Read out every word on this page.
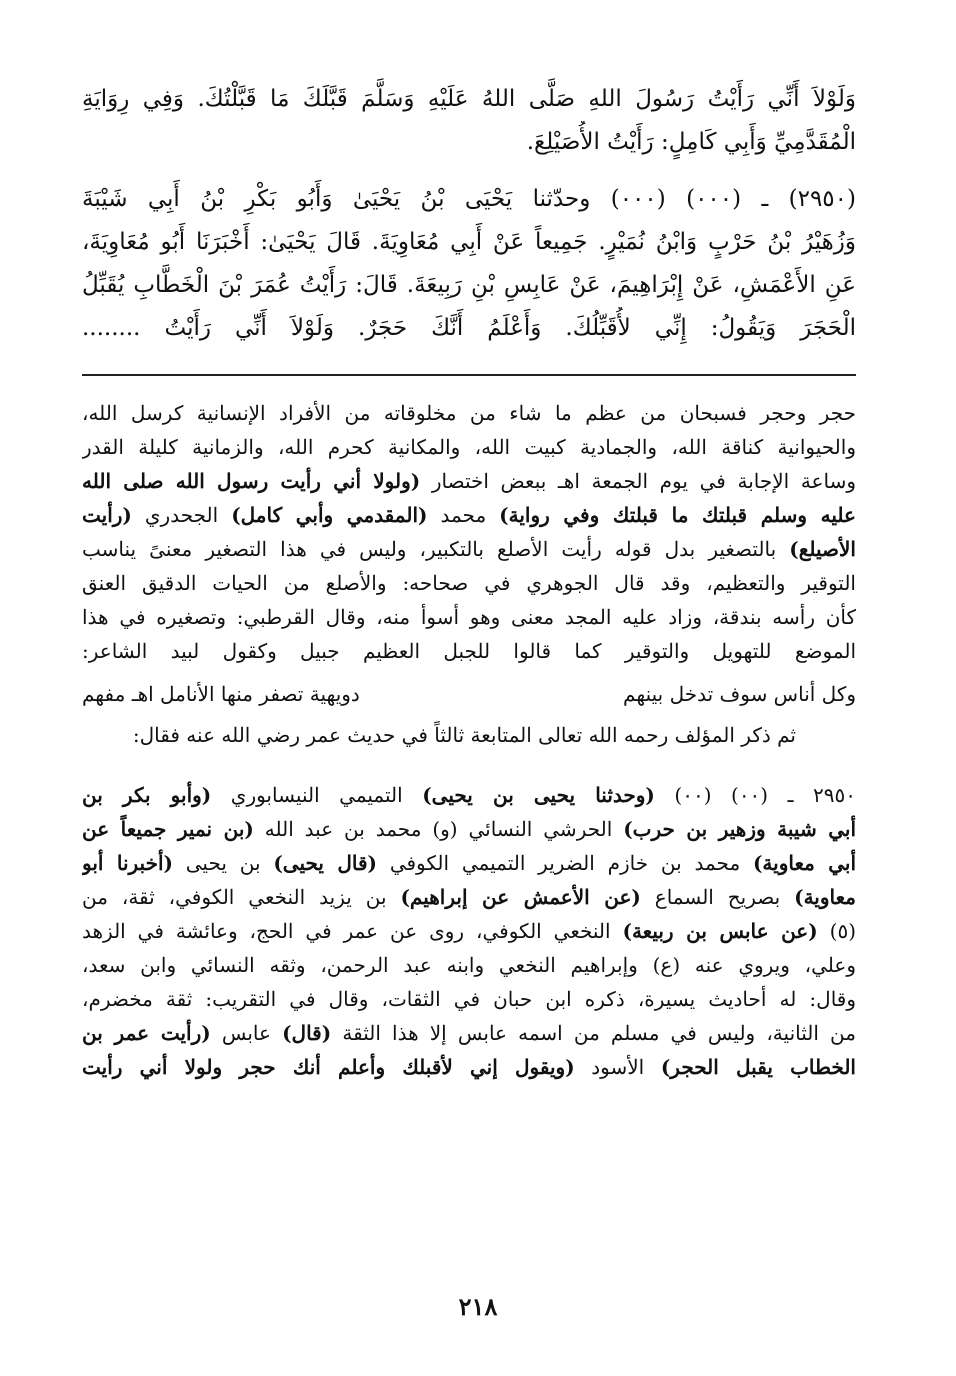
وَلَوْلاَ أَنِّي رَأَيْتُ رَسُولَ اللهِ صَلَّى اللهُ عَلَيْهِ وَسَلَّمَ قَبَّلَكَ مَا قَبَّلْتُكَ. وَفِي رِوَايَةِ
الْمُقَدَّمِيِّ وَأَبِي كَامِلٍ: رَأَيْتُ الأُصَيْلِعَ.
(٢٩٥٠) ـ (٠٠٠) (٠٠٠) وحدّثنا يَحْيَى بْنُ يَحْيَىٰ وَأَبُو بَكْرِ بْنُ أَبِي شَيْبَةَ
وَزُهَيْرُ بْنُ حَرْبٍ وَابْنُ نُمَيْرٍ. جَمِيعاً عَنْ أَبِي مُعَاوِيَةَ. قَالَ يَحْيَىٰ: أَخْبَرَنَا أَبُو مُعَاوِيَةَ،
عَنِ الأَعْمَشِ، عَنْ إِبْرَاهِيمَ، عَنْ عَابِسِ بْنِ رَبِيعَةَ. قَالَ: رَأَيْتُ عُمَرَ بْنَ الْخَطَّابِ يُقَبِّلُ
الْحَجَرَ وَيَقُولُ: إِنِّي لأُقَبِّلُكَ. وَأَعْلَمُ أَنَّكَ حَجَرٌ. وَلَوْلاَ أَنِّي رَأَيْتُ ........
حجر وحجر فسبحان من عظم ما شاء من مخلوقاته من الأفراد الإنسانية كرسل الله،
والحيوانية كناقة الله، والجمادية كبيت الله، والمكانية كحرم الله، والزمانية كليلة القدر
وساعة الإجابة في يوم الجمعة اهـ ببعض اختصار (ولولا أني رأيت رسول الله صلى الله
عليه وسلم قبلتك ما قبلتك وفي رواية) محمد (المقدمي وأبي كامل) الجحدري (رأيت
الأصيلع) بالتصغير بدل قوله رأيت الأصلع بالتكبير، وليس في هذا التصغير معنىً يناسب
التوقير والتعظيم، وقد قال الجوهري في صحاحه: والأصلع من الحيات الدقيق العنق
كأن رأسه بندقة، وزاد عليه المجد معنى وهو أسوأ منه، وقال القرطبي: وتصغيره في هذا
الموضع للتهويل والتوقير كما قالوا للجبل العظيم جبيل وكقول لبيد الشاعر:
وكل أناس سوف تدخل بينهم
دويهية تصفر منها الأنامل اهـ مفهم
ثم ذكر المؤلف رحمه الله تعالى المتابعة ثالثاً في حديث عمر رضي الله عنه فقال:
٢٩٥٠ ـ (٠٠) (٠٠) (وحدثنا يحيى بن يحيى) التميمي النيسابوري (وأبو بكر بن
أبي شيبة وزهير بن حرب) الحرشي النسائي (و) محمد بن عبد الله (بن نمير جميعاً عن
أبي معاوية) محمد بن خازم الضرير التميمي الكوفي (قال يحيى) بن يحيى (أخبرنا أبو
معاوية) بصريح السماع (عن الأعمش عن إبراهيم) بن يزيد النخعي الكوفي، ثقة، من
(٥) (عن عابس بن ربيعة) النخعي الكوفي، روى عن عمر في الحج، وعائشة في الزهد
وعلي، ويروي عنه (ع) وإبراهيم النخعي وابنه عبد الرحمن، وثقه النسائي وابن سعد،
وقال: له أحاديث يسيرة، ذكره ابن حبان في الثقات، وقال في التقريب: ثقة مخضرم،
من الثانية، وليس في مسلم من اسمه عابس إلا هذا الثقة (قال) عابس (رأيت عمر بن
الخطاب يقبل الحجر) الأسود (ويقول إني لأقبلك وأعلم أنك حجر ولولا أني رأيت
٢١٨
